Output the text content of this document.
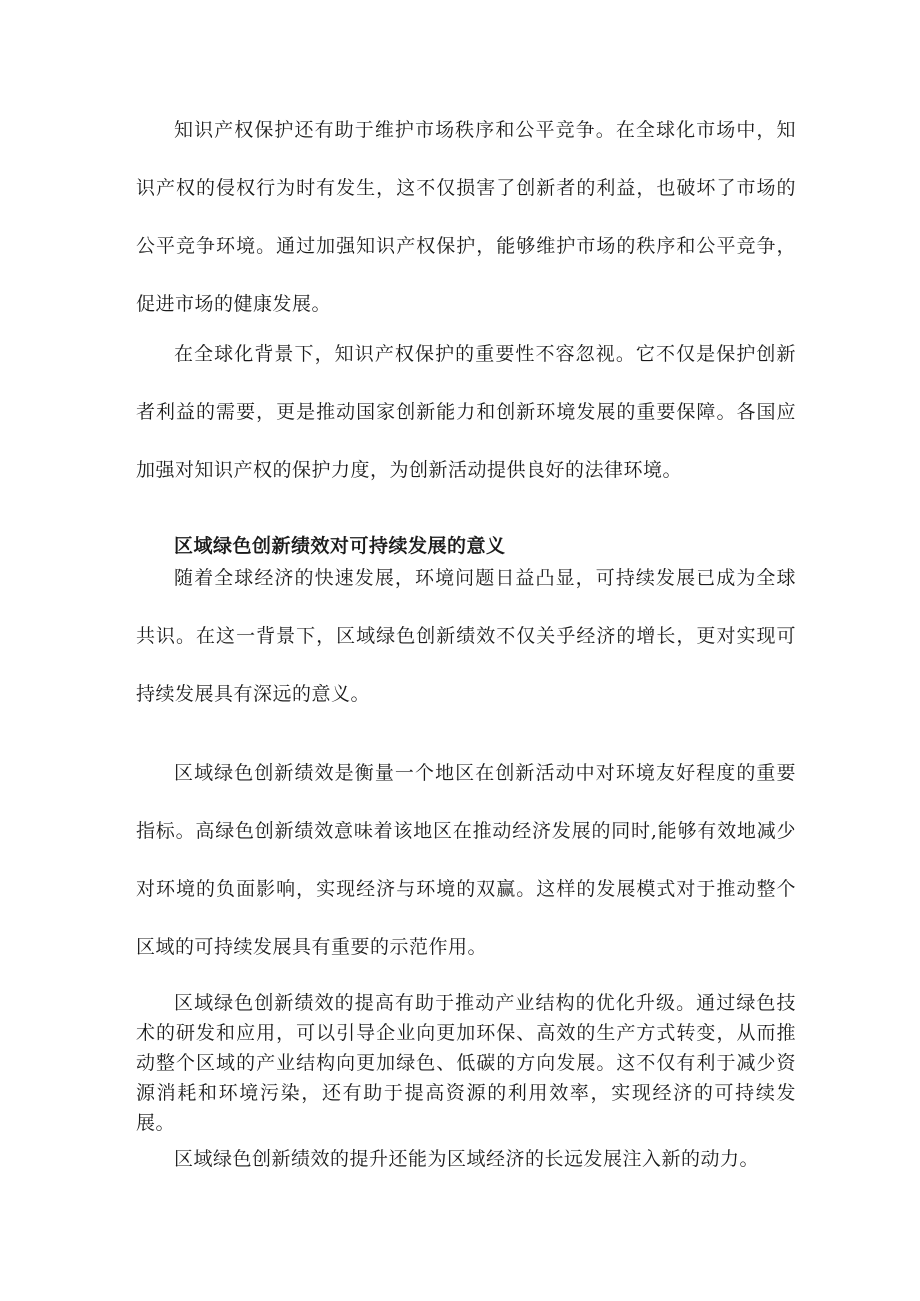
知识产权保护还有助于维护市场秩序和公平竞争。在全球化市场中，知识产权的侵权行为时有发生，这不仅损害了创新者的利益，也破坏了市场的公平竞争环境。通过加强知识产权保护，能够维护市场的秩序和公平竞争，促进市场的健康发展。

在全球化背景下，知识产权保护的重要性不容忽视。它不仅是保护创新者利益的需要，更是推动国家创新能力和创新环境发展的重要保障。各国应加强对知识产权的保护力度，为创新活动提供良好的法律环境。

区域绿色创新绩效对可持续发展的意义

随着全球经济的快速发展，环境问题日益凸显，可持续发展已成为全球共识。在这一背景下，区域绿色创新绩效不仅关乎经济的增长，更对实现可持续发展具有深远的意义。

区域绿色创新绩效是衡量一个地区在创新活动中对环境友好程度的重要指标。高绿色创新绩效意味着该地区在推动经济发展的同时,能够有效地减少对环境的负面影响，实现经济与环境的双赢。这样的发展模式对于推动整个区域的可持续发展具有重要的示范作用。

区域绿色创新绩效的提高有助于推动产业结构的优化升级。通过绿色技术的研发和应用，可以引导企业向更加环保、高效的生产方式转变，从而推动整个区域的产业结构向更加绿色、低碳的方向发展。这不仅有利于减少资源消耗和环境污染，还有助于提高资源的利用效率，实现经济的可持续发展。

区域绿色创新绩效的提升还能为区域经济的长远发展注入新的动力。
